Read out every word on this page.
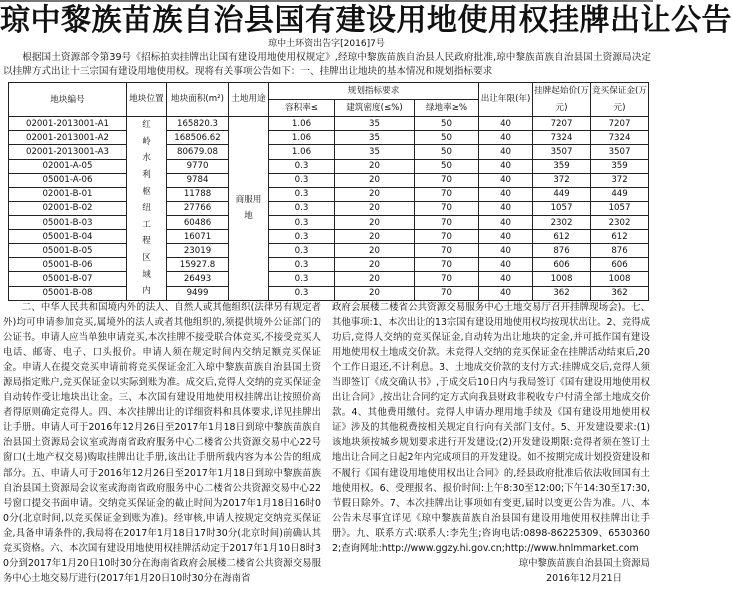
琼中黎族苗族自治县国有建设用地使用权挂牌出让公告
琼中土环资出告字[2016]7号
根据国土资源部令第39号《招标拍卖挂牌出让国有建设用地使用权规定》,经琼中黎族苗族自治县人民政府批准,琼中黎族苗族自治县国土资源局决定以挂牌方式出让十三宗国有建设用地使用权。现将有关事项公告如下：一、挂牌出让地块的基本情况和规划指标要求
地块编号	地块位置	地块面积(m²)	土地用途	规划指标要求	出让年限(年)	挂牌起始价(万元)	竞买保证金(万元)
容积率≤	建筑密度(≤%)	绿地率≥%
02001-2013001-A1	红岭水利枢纽工程区域内	165820.3	商服用地	1.06	35	50	40	7207	7207
02001-2013001-A2	168506.62	1.06	35	50	40	7324	7324
02001-2013001-A3	80679.08	1.06	35	50	40	3507	3507
02001-A-05	9770	0.3	20	50	40	359	359
05001-A-06	9784	0.3	20	70	40	372	372
02001-B-01	11788	0.3	20	70	40	449	449
02001-B-02	27766	0.3	20	70	40	1057	1057
05001-B-03	60486	0.3	20	70	40	2302	2302
05001-B-04	16071	0.3	20	70	40	612	612
05001-B-05	23019	0.3	20	70	40	876	876
05001-B-06	15927.8	0.3	20	70	40	606	606
05001-B-07	26493	0.3	20	70	40	1008	1008
05001-B-08	9499	0.3	20	70	40	362	362

二、中华人民共和国境内外的法人、自然人或其他组织(法律另有规定者外)均可申请参加竞买,属境外的法人或者其他组织的,须提供境外公证部门的公证书。申请人应当单独申请竞买,本次挂牌不接受联合体竞买,不接受竞买人电话、邮寄、电子、口头报价。申请人须在规定时间内交纳足额竞买保证金。申请人在提交竞买申请前将竞买保证金汇入琼中黎族苗族自治县国土资源局指定账户,竞买保证金以实际到账为准。成交后,竞得人交纳的竞买保证金自动转作受让地块出让金。三、本次国有建设用地使用权挂牌出让按照价高者得原则确定竞得人。四、本次挂牌出让的详细资料和具体要求,详见挂牌出让手册。申请人可于2016年12月26日至2017年1月18日到琼中黎族苗族自治县国土资源局会议室或海南省政府服务中心二楼省公共资源交易中心22号窗口(土地产权交易)购取挂牌出让手册,该出让手册所载内容为本公告的组成部分。五、申请人可于2016年12月26日至2017年1月18日到琼中黎族苗族自治县国土资源局会议室或海南省政府服务中心二楼省公共资源交易中心22号窗口提交书面申请。交纳竞买保证金的截止时间为2017年1月18日16时00分(北京时间,以竞买保证金到账为准)。经审核,申请人按规定交纳竞买保证金,具备申请条件的,我局将在2017年1月18日17时30分(北京时间)前确认其竞买资格。六、本次国有建设用地使用权挂牌活动定于2017年1月10日8时30分到2017年1月20日10时30分在海南省政府会展楼二楼省公共资源交易服务中心土地交易厅进行(2017年1月20日10时30分在海南省

政府会展楼二楼省公共资源交易服务中心土地交易厅召开挂牌现场会)。七、其他事项:1、本次出让的13宗国有建设用地使用权均按现状出让。2、竞得成功后,竞得人交纳的竞买保证金,自动转为出让地块的定金,并可抵作国有建设用地使用权土地成交价款。未竞得人交纳的竞买保证金在挂牌活动结束后,20个工作日退还,不计利息。3、土地成交价款的支付方式:挂牌成交后,竞得人须当即签订《成交确认书》,于成交后10日内与我局签订《国有建设用地使用权出让合同》,按出让合同约定方式向我县财政非税收专户付清全部土地成交价款。4、其他费用缴付。竞得人申请办理用地手续及《国有建设用地使用权证》涉及的其他税费按相关规定自行向有关部门支付。5、开发建设要求:(1)该地块须按城乡规划要求进行开发建设;(2)开发建设期限:竞得者须在签订土地出让合同之日起2年内完成项目的开发建设。如不按期完成计划投资建设和不履行《国有建设用地使用权出让合同》的,经县政府批准后依法收回国有土地使用权。6、受理报名、报价时间:上午8:30至12:00;下午14:30至17:30,节假日除外。7、本次挂牌出让事项如有变更,届时以变更公告为准。八、本公告未尽事宜详见《琼中黎族苗族自治县国有建设用地使用权挂牌出让手册》。九、联系方式:联系人:李先生;咨询电话:0898-86225309、65303602;查询网址:http://www.ggzy.hi.gov.cn;http://www.hnlmmarket.com

琼中黎族苗族自治县国土资源局

2016年12月21日
